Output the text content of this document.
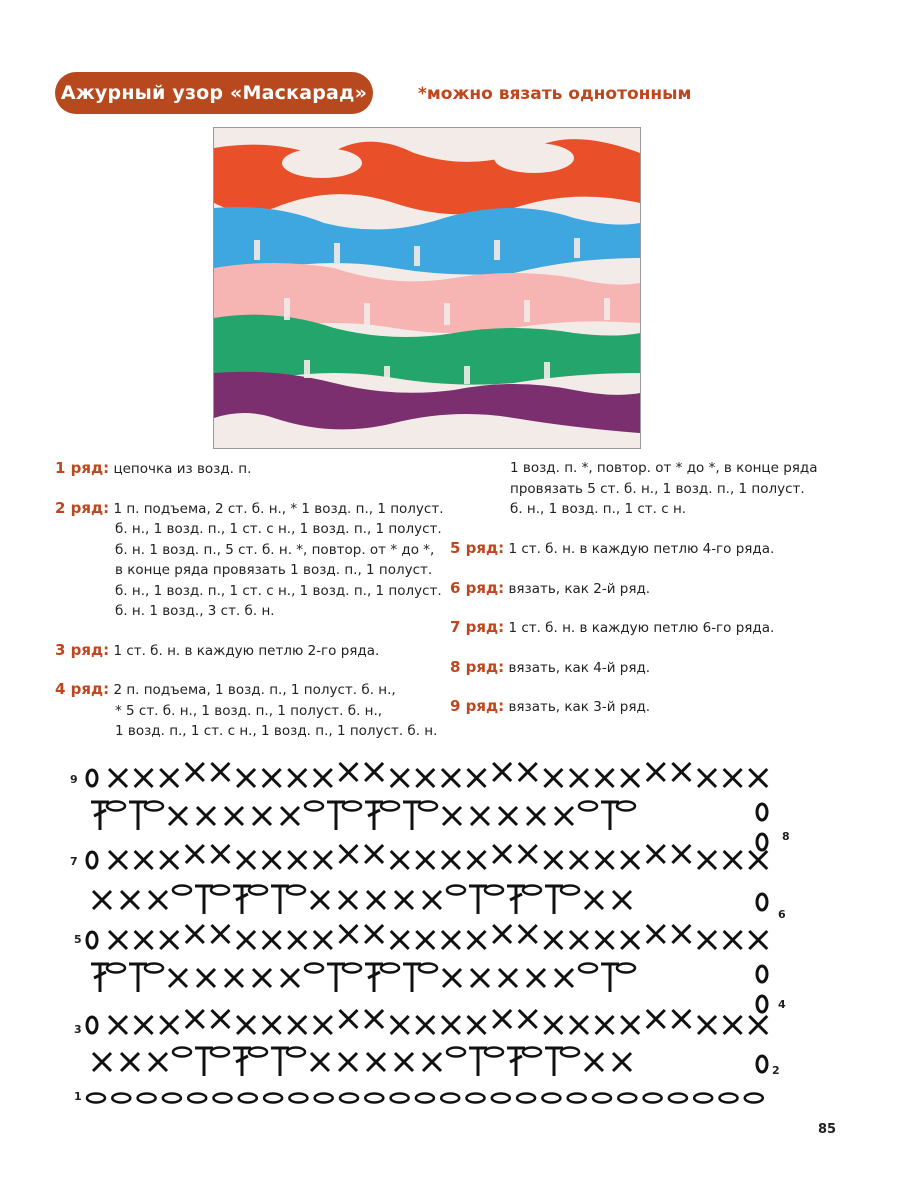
Ажурный узор «Маскарад»	*можно вязать однотонным
1 ряд: цепочка из возд. п.
2 ряд: 1 п. подъема, 2 ст. б. н., * 1 возд. п., 1 полуст.
б. н., 1 возд. п., 1 ст. с н., 1 возд. п., 1 полуст.
б. н. 1 возд. п., 5 ст. б. н. *, повтор. от * до *,
в конце ряда провязать 1 возд. п., 1 полуст.
б. н., 1 возд. п., 1 ст. с н., 1 возд. п., 1 полуст.
б. н. 1 возд., 3 ст. б. н.
3 ряд: 1 ст. б. н. в каждую петлю 2-го ряда.
4 ряд: 2 п. подъема, 1 возд. п., 1 полуст. б. н.,
* 5 ст. б. н., 1 возд. п., 1 полуст. б. н.,
1 возд. п., 1 ст. с н., 1 возд. п., 1 полуст. б. н.
1 возд. п. *, повтор. от * до *, в конце ряда
провязать 5 ст. б. н., 1 возд. п., 1 полуст.
б. н., 1 возд. п., 1 ст. с н.
5 ряд: 1 ст. б. н. в каждую петлю 4-го ряда.
6 ряд: вязать, как 2-й ряд.
7 ряд: 1 ст. б. н. в каждую петлю 6-го ряда.
8 ряд: вязать, как 4-й ряд.
9 ряд: вязать, как 3-й ряд.
9
8
7
6
5
4
3
2
1
85
